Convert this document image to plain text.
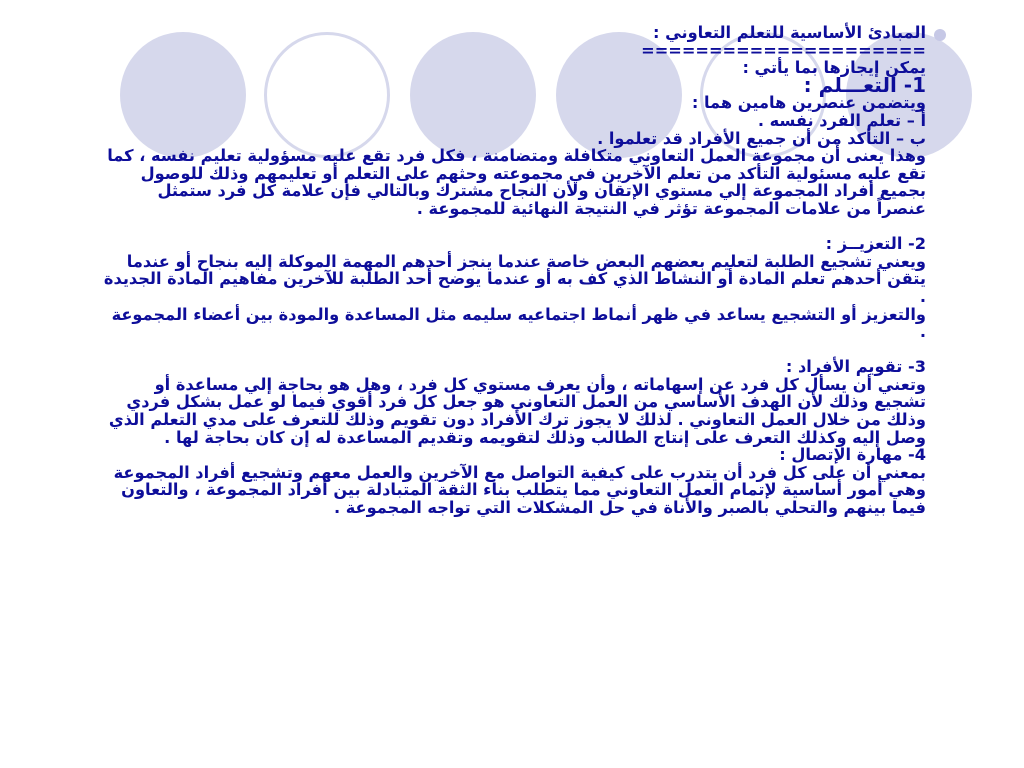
المبادئ الأساسية للتعلم التعاوني :

=====================

يمكن إيجازها بما يأتي :

1- التعـــلم :

ويتضمن عنصرين هامين هما :

أ – تعلم الفرد نفسه .

ب – التأكد من أن جميع الأفراد قد تعلموا .

وهذا يعنى أن مجموعة العمل التعاوني متكافلة ومتضامنة ، فكل فرد تقع عليه مسؤولية تعليم نفسه ، كما

تقع عليه مسئولية التأكد من تعلم الآخرين في مجموعته وحثهم على التعلم أو تعليمهم وذلك للوصول

بجميع أفراد المجموعة إلي مستوي الإتقان ولأن النجاح مشترك وبالتالي فإن علامة كل فرد ستمثل

عنصراً من علامات المجموعة تؤثر في النتيجة النهائية للمجموعة .

2- التعزيــز :

ويعني تشجيع الطلبة لتعليم بعضهم البعض خاصة عندما ينجز أحدهم المهمة الموكلة إليه بنجاح أو عندما

يتقن أحدهم تعلم المادة أو النشاط الذي كف به أو عندما يوضح أحد الطلبة للآخرين مفاهيم المادة الجديدة

.

والتعزيز أو التشجيع يساعد في ظهر أنماط اجتماعيه سليمه مثل المساعدة والمودة بين أعضاء المجموعة

.

3- تقويم الأفراد :

وتعني أن يسأل كل فرد عن إسهاماته ، وأن يعرف مستوي كل فرد ، وهل هو بحاجة إلي مساعدة أو

تشجيع وذلك لأن الهدف الأساسي من العمل التعاوني هو جعل كل فرد أقوي فيما لو عمل بشكل فردي

وذلك من خلال العمل التعاوني . لذلك لا يجوز ترك الأفراد دون تقويم وذلك للتعرف على مدي التعلم الذي

وصل إليه وكذلك التعرف على إنتاج الطالب وذلك لتقويمه وتقديم المساعدة له إن كان بحاجة لها .

4- مهارة الإتصال :

بمعني أن على كل فرد أن يتدرب على كيفية التواصل مع الآخرين والعمل معهم وتشجيع أفراد المجموعة

وهي أمور أساسية لإتمام العمل التعاوني مما يتطلب بناء الثقة المتبادلة بين أفراد المجموعة ، والتعاون

فيما بينهم والتحلي بالصبر والأناة في حل المشكلات التي تواجه المجموعة .
